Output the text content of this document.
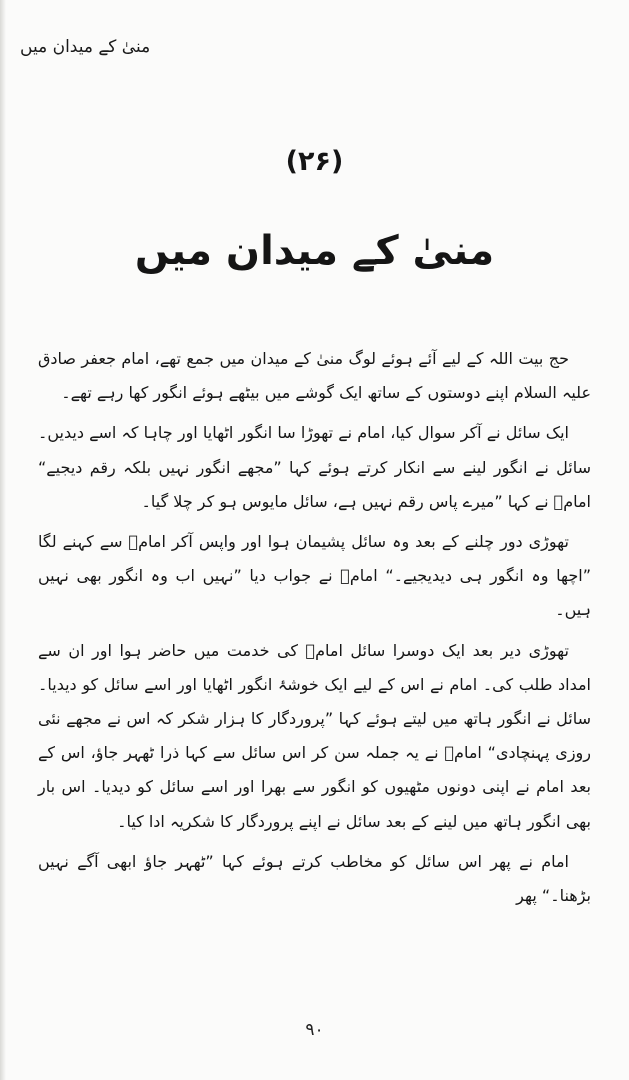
منیٰ کے میدان میں
(۲۶)
منیٰ کے میدان میں

حج بیت اللہ کے لیے آئے ہوئے لوگ منیٰ کے میدان میں جمع تھے، امام جعفر صادق علیہ السلام اپنے دوستوں کے ساتھ ایک گوشے میں بیٹھے ہوئے انگور کھا رہے تھے۔

ایک سائل نے آکر سوال کیا، امام نے تھوڑا سا انگور اٹھایا اور چاہا کہ اسے دیدیں۔ سائل نے انگور لینے سے انکار کرتے ہوئے کہا ”مجھے انگور نہیں بلکہ رقم دیجیے“ امامؑ نے کہا ”میرے پاس رقم نہیں ہے، سائل مایوس ہو کر چلا گیا۔

تھوڑی دور چلنے کے بعد وہ سائل پشیمان ہوا اور واپس آکر امامؑ سے کہنے لگا ”اچھا وہ انگور ہی دیدیجیے۔“ امامؑ نے جواب دیا ”نہیں اب وہ انگور بھی نہیں ہیں۔

تھوڑی دیر بعد ایک دوسرا سائل امامؑ کی خدمت میں حاضر ہوا اور ان سے امداد طلب کی۔ امام نے اس کے لیے ایک خوشۂ انگور اٹھایا اور اسے سائل کو دیدیا۔ سائل نے انگور ہاتھ میں لیتے ہوئے کہا ”پروردگار کا ہزار شکر کہ اس نے مجھے نئی روزی پہنچادی“ امامؑ نے یہ جملہ سن کر اس سائل سے کہا ذرا ٹھہر جاؤ، اس کے بعد امام نے اپنی دونوں مٹھیوں کو انگور سے بھرا اور اسے سائل کو دیدیا۔ اس بار بھی انگور ہاتھ میں لینے کے بعد سائل نے اپنے پروردگار کا شکریہ ادا کیا۔

امام نے پھر اس سائل کو مخاطب کرتے ہوئے کہا ”ٹھہر جاؤ ابھی آگے نہیں بڑھنا۔“ پھر

۹۰
